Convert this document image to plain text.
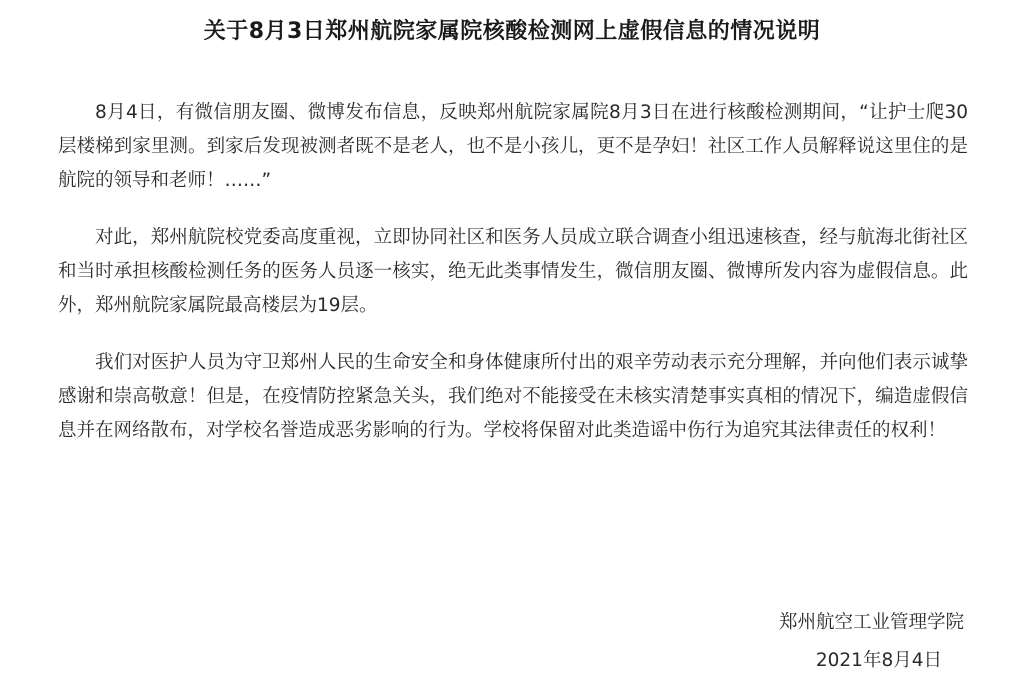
关于8月3日郑州航院家属院核酸检测网上虚假信息的情况说明

8月4日，有微信朋友圈、微博发布信息，反映郑州航院家属院8月3日在进行核酸检测期间，“让护士爬30层楼梯到家里测。到家后发现被测者既不是老人，也不是小孩儿，更不是孕妇！社区工作人员解释说这里住的是航院的领导和老师！……”

对此，郑州航院校党委高度重视，立即协同社区和医务人员成立联合调查小组迅速核查，经与航海北街社区和当时承担核酸检测任务的医务人员逐一核实，绝无此类事情发生，微信朋友圈、微博所发内容为虚假信息。此外，郑州航院家属院最高楼层为19层。

我们对医护人员为守卫郑州人民的生命安全和身体健康所付出的艰辛劳动表示充分理解，并向他们表示诚挚感谢和崇高敬意！但是，在疫情防控紧急关头，我们绝对不能接受在未核实清楚事实真相的情况下，编造虚假信息并在网络散布，对学校名誉造成恶劣影响的行为。学校将保留对此类造谣中伤行为追究其法律责任的权利！

郑州航空工业管理学院
2021年8月4日
